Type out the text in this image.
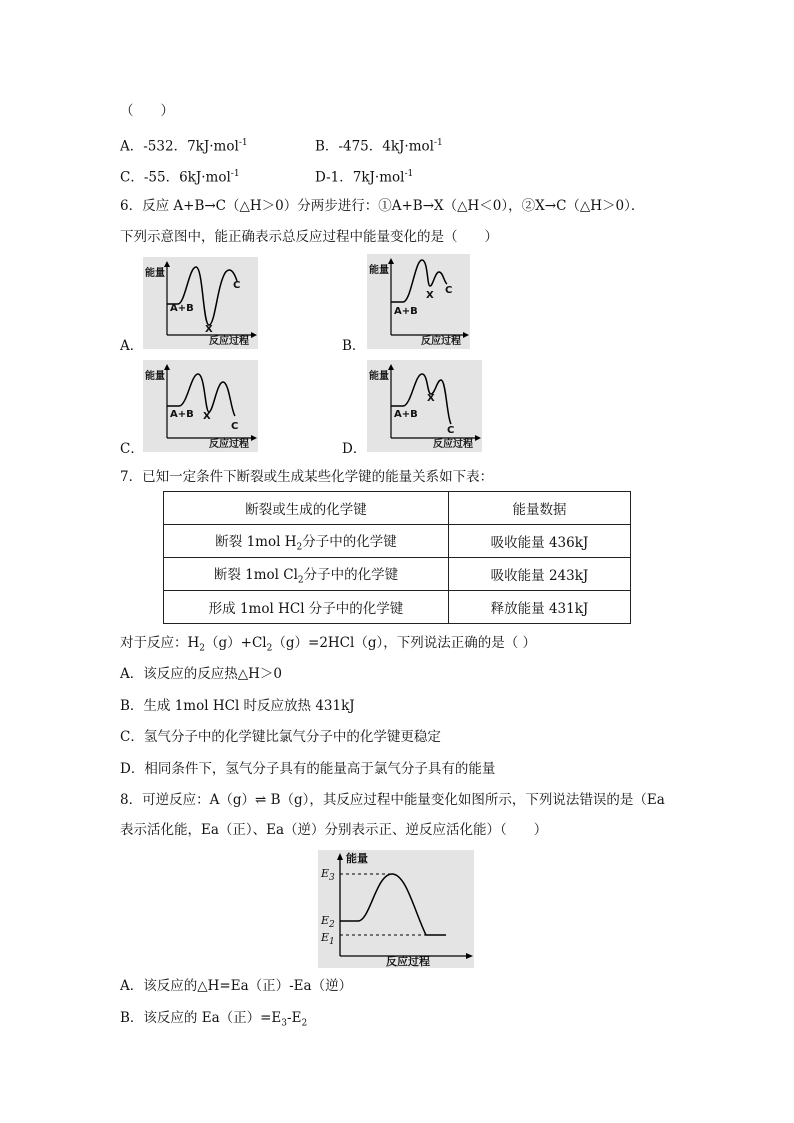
（　　）
A．-532．7kJ·mol$^{-1}$	B．-475．4kJ·mol$^{-1}$
C．-55．6kJ·mol$^{-1}$	D-1．7kJ·mol$^{-1}$
6．反应 A+B→C（△H＞0）分两步进行：①A+B→X（△H＜0），②X→C（△H＞0）．
下列示意图中，能正确表示总反应过程中能量变化的是（　　）
能量
A+B
X
C
反应过程
A．
能量
A+B
X C
反应过程
B．
能量
A+B X
C
反应过程
C．
能量
A+B
X
C
反应过程
D．
7．已知一定条件下断裂或生成某些化学键的能量关系如下表：
断裂或生成的化学键	能量数据
断裂 1mol $H_2$分子中的化学键	吸收能量 436kJ
断裂 1mol $Cl_2$分子中的化学键	吸收能量 243kJ
形成 1mol HCl 分子中的化学键	释放能量 431kJ
对于反应：$H_2(g)+Cl_2(g)=2HCl(g)$，下列说法正确的是（ ）
A．该反应的反应热△H＞0
B．生成 1mol HCl 时反应放热 431kJ
C．氢气分子中的化学键比氯气分子中的化学键更稳定
D．相同条件下，氢气分子具有的能量高于氯气分子具有的能量
8．可逆反应：A（g）⇌ B（g），其反应过程中能量变化如图所示，下列说法错误的是（Ea
表示活化能，Ea（正）、Ea（逆）分别表示正、逆反应活化能）（　　）
能量
$E_3$
$E_2$
$E_1$
反应过程
A．该反应的△H=Ea（正）-Ea（逆）
B．该反应的 Ea（正）$=E_3-E_2$
